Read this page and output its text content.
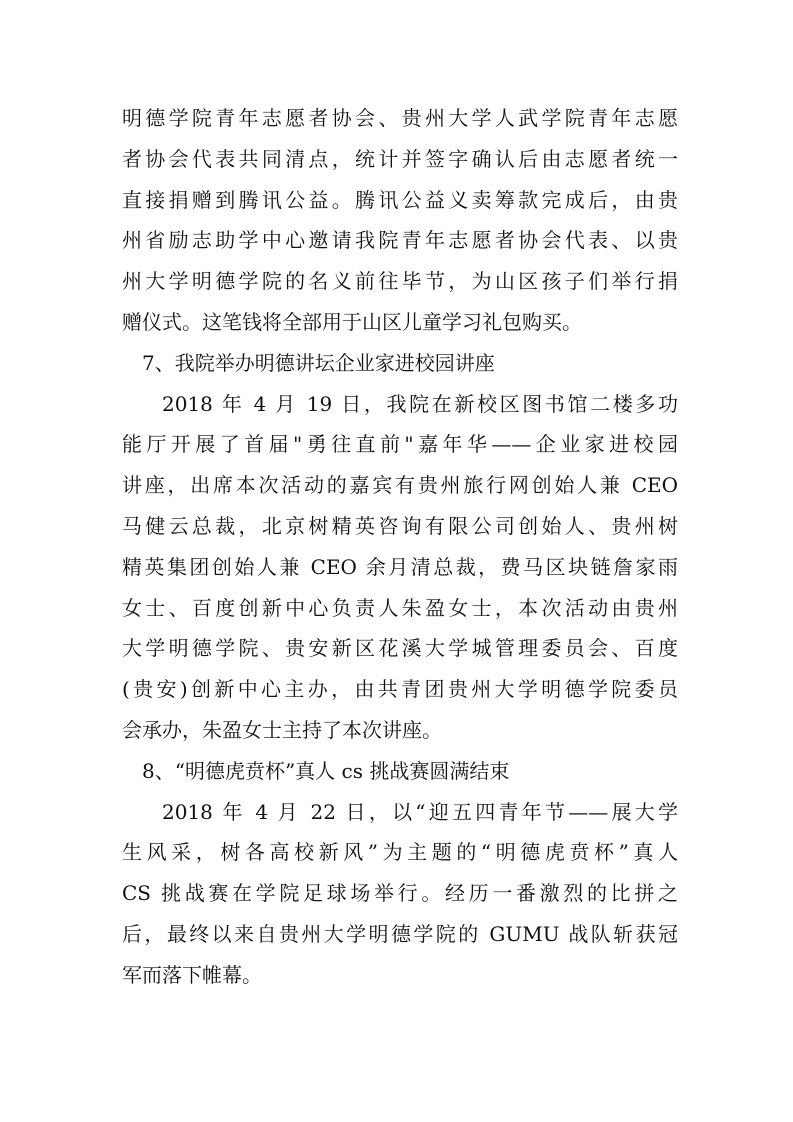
明德学院青年志愿者协会、贵州大学人武学院青年志愿
者协会代表共同清点，统计并签字确认后由志愿者统一
直接捐赠到腾讯公益。腾讯公益义卖筹款完成后，由贵
州省励志助学中心邀请我院青年志愿者协会代表、以贵
州大学明德学院的名义前往毕节，为山区孩子们举行捐
赠仪式。这笔钱将全部用于山区儿童学习礼包购买。
7、我院举办明德讲坛企业家进校园讲座
2018 年 4 月 19 日，我院在新校区图书馆二楼多功
能厅开展了首届"勇往直前"嘉年华——企业家进校园
讲座，出席本次活动的嘉宾有贵州旅行网创始人兼 CEO
马健云总裁，北京树精英咨询有限公司创始人、贵州树
精英集团创始人兼 CEO 余月清总裁，费马区块链詹家雨
女士、百度创新中心负责人朱盈女士，本次活动由贵州
大学明德学院、贵安新区花溪大学城管理委员会、百度
(贵安)创新中心主办，由共青团贵州大学明德学院委员
会承办，朱盈女士主持了本次讲座。
8、“明德虎贲杯”真人 cs 挑战赛圆满结束
2018 年 4 月 22 日，以“迎五四青年节——展大学
生风采，树各高校新风”为主题的“明德虎贲杯”真人
CS 挑战赛在学院足球场举行。经历一番激烈的比拼之
后，最终以来自贵州大学明德学院的 GUMU 战队斩获冠
军而落下帷幕。
